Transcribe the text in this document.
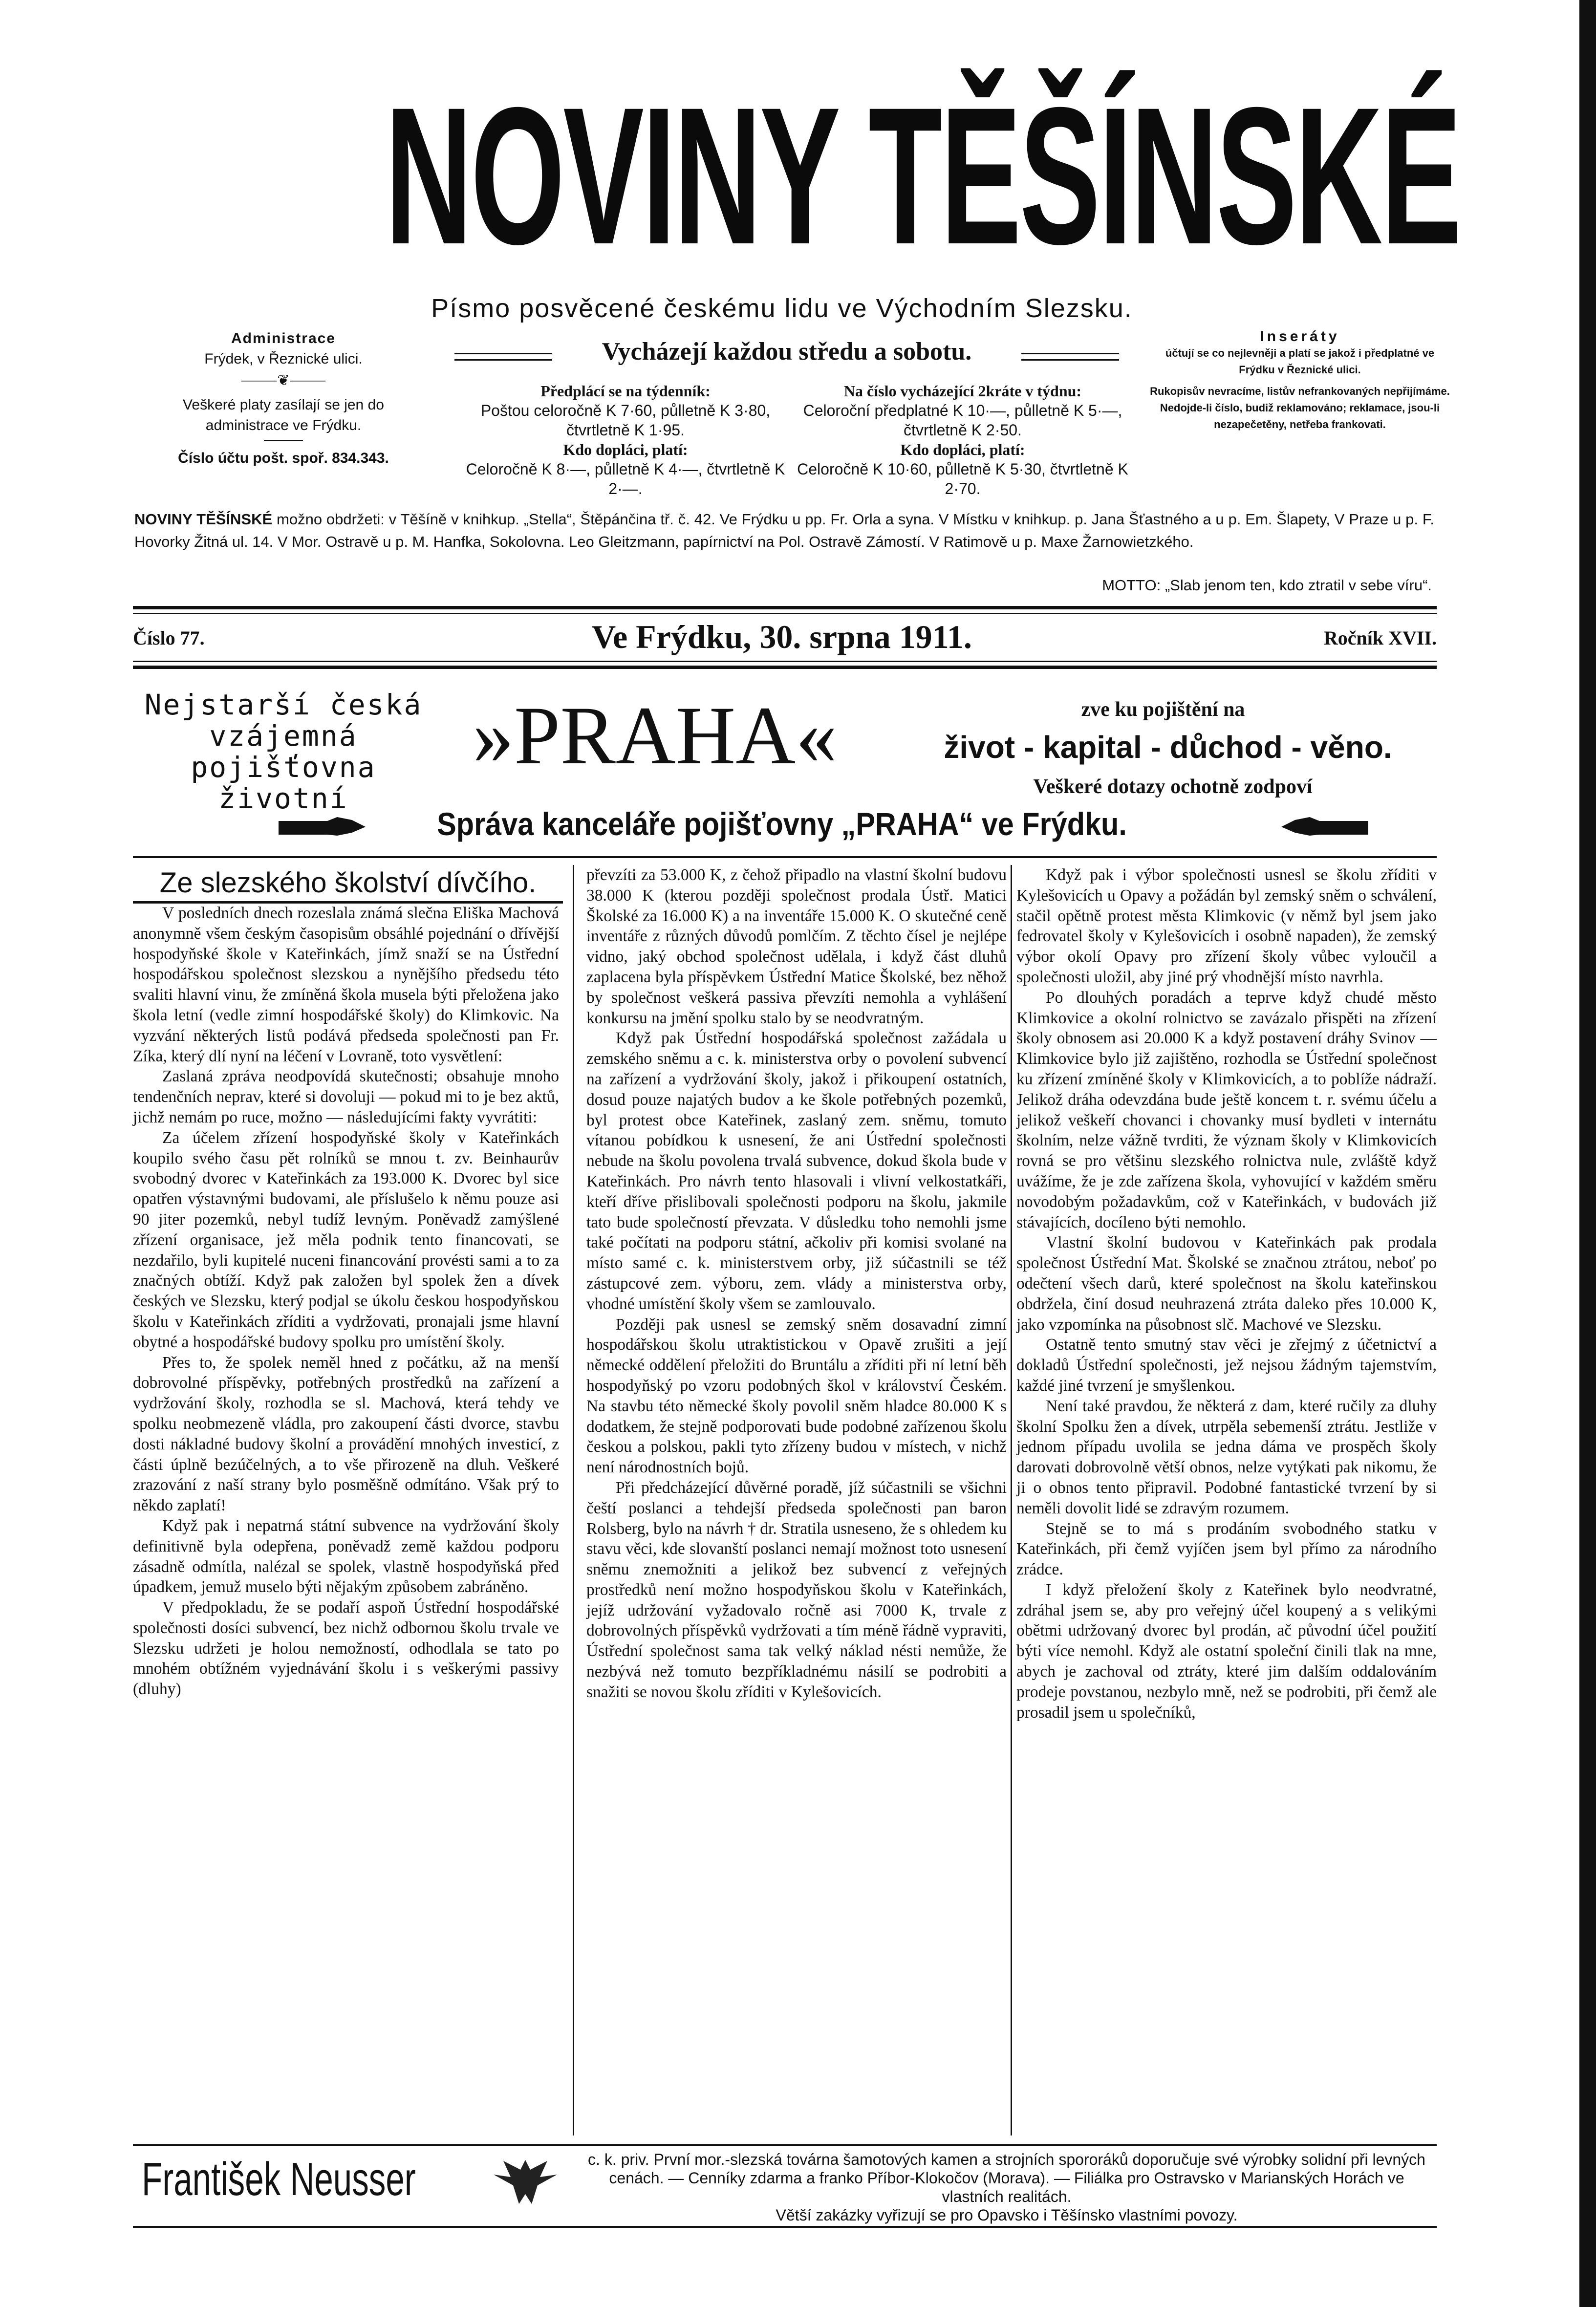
NOVINY TĚŠÍNSKÉ
Písmo posvěcené českému lidu ve Východním Slezsku.
Vycházejí každou středu a sobotu.
Administrace
Frýdek, v Řeznické ulici.
⸻❦⸻
Veškeré platy zasílají se jen do administrace ve Frýdku.
Číslo účtu pošt. spoř. 834.343.
Předplácí se na týdenník:
Poštou celoročně K 7·60, půlletně K 3·80, čtvrtletně K 1·95.
Kdo dopláci, platí:
Celoročně K 8·—, půlletně K 4·—, čtvrtletně K 2·—.
Na číslo vycházející 2kráte v týdnu:
Celoroční předplatné K 10·—, půlletně K 5·—, čtvrtletně K 2·50.
Kdo dopláci, platí:
Celoročně K 10·60, půlletně K 5·30, čtvrtletně K 2·70.
Inseráty
účtují se co nejlevněji a platí se jakož i předplatné ve Frýdku v Řeznické ulici.
Rukopisův nevracíme, listův nefrankovaných nepřijímáme. Nedojde-li číslo, budiž reklamováno; reklamace, jsou-li nezapečetěny, netřeba frankovati.
NOVINY TĚŠÍNSKÉ možno obdržeti: v Těšíně v knihkup. „Stella“, Štěpánčina tř. č. 42. Ve Frýdku u pp. Fr. Orla a syna. V Místku v knihkup. p. Jana Šťastného a u p. Em. Šlapety, V Praze u p. F. Hovorky Žitná ul. 14. V Mor. Ostravě u p. M. Hanfka, Sokolovna. Leo Gleitzmann, papírnictví na Pol. Ostravě Zámostí. V Ratimově u p. Maxe Žarnowietzkého.
MOTTO: „Slab jenom ten, kdo ztratil v sebe víru“.
Číslo 77.	Ve Frýdku, 30. srpna 1911.	Ročník XVII.
Nejstarší česká vzájemná pojišťovna životní
»PRAHA«	zve ku pojištění na
život - kapital - důchod - věno.
Veškeré dotazy ochotně zodpoví
Správa kanceláře pojišťovny „PRAHA“ ve Frýdku.
Ze slezského školství dívčího.

V posledních dnech rozeslala známá slečna Eliška Machová anonymně všem českým časopisům obsáhlé pojednání o dřívější hospodyňské škole v Kateřinkách, jímž snaží se na Ústřední hospodářskou společnost slezskou a nynějšího předsedu této svaliti hlavní vinu, že zmíněná škola musela býti přeložena jako škola letní (vedle zimní hospodářské školy) do Klimkovic. Na vyzvání některých listů podává předseda společnosti pan Fr. Zíka, který dlí nyní na léčení v Lovraně, toto vysvětlení:

Zaslaná zpráva neodpovídá skutečnosti; obsahuje mnoho tendenčních neprav, které si dovoluji — pokud mi to je bez aktů, jichž nemám po ruce, možno — následujícími fakty vyvrátiti:

Za účelem zřízení hospodyňské školy v Kateřinkách koupilo svého času pět rolníků se mnou t. zv. Beinhaurův svobodný dvorec v Kateřinkách za 193.000 K. Dvorec byl sice opatřen výstavnými budovami, ale příslušelo k němu pouze asi 90 jiter pozemků, nebyl tudíž levným. Poněvadž zamýšlené zřízení organisace, jež měla podnik tento financovati, se nezdařilo, byli kupitelé nuceni financování provésti sami a to za značných obtíží. Když pak založen byl spolek žen a dívek českých ve Slezsku, který podjal se úkolu českou hospodyňskou školu v Kateřinkách zříditi a vydržovati, pronajali jsme hlavní obytné a hospodářské budovy spolku pro umístění školy.

Přes to, že spolek neměl hned z počátku, až na menší dobrovolné příspěvky, potřebných prostředků na zařízení a vydržování školy, rozhodla se sl. Machová, která tehdy ve spolku neobmezeně vládla, pro zakoupení části dvorce, stavbu dosti nákladné budovy školní a provádění mnohých investicí, z části úplně bezúčelných, a to vše přirozeně na dluh. Veškeré zrazování z naší strany bylo posměšně odmítáno. Však prý to někdo zaplatí!

Když pak i nepatrná státní subvence na vydržování školy definitivně byla odepřena, poněvadž země každou podporu zásadně odmítla, nalézal se spolek, vlastně hospodyňská před úpadkem, jemuž muselo býti nějakým způsobem zabráněno.

V předpokladu, že se podaří aspoň Ústřední hospodářské společnosti dosíci subvencí, bez nichž odbornou školu trvale ve Slezsku udržeti je holou nemožností, odhodlala se tato po mnohém obtížném vyjednávání školu i s veškerými passivy (dluhy)

převzíti za 53.000 K, z čehož připadlo na vlastní školní budovu 38.000 K (kterou později společnost prodala Ústř. Matici Školské za 16.000 K) a na inventáře 15.000 K. O skutečné ceně inventáře z různých důvodů pomlčím. Z těchto čísel je nejlépe vidno, jaký obchod společnost udělala, i když část dluhů zaplacena byla příspěvkem Ústřední Matice Školské, bez něhož by společnost veškerá passiva převzíti nemohla a vyhlášení konkursu na jmění spolku stalo by se neodvratným.

Když pak Ústřední hospodářská společnost zažádala u zemského sněmu a c. k. ministerstva orby o povolení subvencí na zařízení a vydržování školy, jakož i přikoupení ostatních, dosud pouze najatých budov a ke škole potřebných pozemků, byl protest obce Kateřinek, zaslaný zem. sněmu, tomuto vítanou pobídkou k usnesení, že ani Ústřední společnosti nebude na školu povolena trvalá subvence, dokud škola bude v Kateřinkách. Pro návrh tento hlasovali i vlivní velkostatkáři, kteří dříve přislibovali společnosti podporu na školu, jakmile tato bude společností převzata. V důsledku toho nemohli jsme také počítati na podporu státní, ačkoliv při komisi svolané na místo samé c. k. ministerstvem orby, již súčastnili se též zástupcové zem. výboru, zem. vlády a ministerstva orby, vhodné umístění školy všem se zamlouvalo.

Později pak usnesl se zemský sněm dosavadní zimní hospodářskou školu utraktistickou v Opavě zrušiti a její německé oddělení přeložiti do Bruntálu a zříditi při ní letní běh hospodyňský po vzoru podobných škol v království Českém. Na stavbu této německé školy povolil sněm hladce 80.000 K s dodatkem, že stejně podporovati bude podobné zařízenou školu českou a polskou, pakli tyto zřízeny budou v místech, v nichž není národnostních bojů.

Při předcházející důvěrné poradě, jíž súčastnili se všichni čeští poslanci a tehdejší předseda společnosti pan baron Rolsberg, bylo na návrh † dr. Stratila usneseno, že s ohledem ku stavu věci, kde slovanští poslanci nemají možnost toto usnesení sněmu znemožniti a jelikož bez subvencí z veřejných prostředků není možno hospodyňskou školu v Kateřinkách, jejíž udržování vyžadovalo ročně asi 7000 K, trvale z dobrovolných příspěvků vydržovati a tím méně řádně vypraviti, Ústřední společnost sama tak velký náklad nésti nemůže, že nezbývá než tomuto bezpříkladnému násilí se podrobiti a snažiti se novou školu zříditi v Kylešovicích.

Když pak i výbor společnosti usnesl se školu zříditi v Kylešovicích u Opavy a požádán byl zemský sněm o schválení, stačil opětně protest města Klimkovic (v němž byl jsem jako fedrovatel školy v Kylešovicích i osobně napaden), že zemský výbor okolí Opavy pro zřízení školy vůbec vyloučil a společnosti uložil, aby jiné prý vhodnější místo navrhla.

Po dlouhých poradách a teprve když chudé město Klimkovice a okolní rolnictvo se zavázalo přispěti na zřízení školy obnosem asi 20.000 K a když postavení dráhy Svinov — Klimkovice bylo již zajištěno, rozhodla se Ústřední společnost ku zřízení zmíněné školy v Klimkovicích, a to poblíže nádraží. Jelikož dráha odevzdána bude ještě koncem t. r. svému účelu a jelikož veškeří chovanci i chovanky musí bydleti v internátu školním, nelze vážně tvrditi, že význam školy v Klimkovicích rovná se pro většinu slezského rolnictva nule, zvláště když uvážíme, že je zde zařízena škola, vyhovující v každém směru novodobým požadavkům, což v Kateřinkách, v budovách již stávajících, docíleno býti nemohlo.

Vlastní školní budovou v Kateřinkách pak prodala společnost Ústřední Mat. Školské se značnou ztrátou, neboť po odečtení všech darů, které společnost na školu kateřinskou obdržela, činí dosud neuhrazená ztráta daleko přes 10.000 K, jako vzpomínka na působnost slč. Machové ve Slezsku.

Ostatně tento smutný stav věci je zřejmý z účetnictví a dokladů Ústřední společnosti, jež nejsou žádným tajemstvím, každé jiné tvrzení je smyšlenkou.

Není také pravdou, že některá z dam, které ručily za dluhy školní Spolku žen a dívek, utrpěla sebemenší ztrátu. Jestliže v jednom případu uvolila se jedna dáma ve prospěch školy darovati dobrovolně větší obnos, nelze vytýkati pak nikomu, že ji o obnos tento připravil. Podobné fantastické tvrzení by si neměli dovolit lidé se zdravým rozumem.

Stejně se to má s prodáním svobodného statku v Kateřinkách, při čemž vyjíčen jsem byl přímo za národního zrádce.

I když přeložení školy z Kateřinek bylo neodvratné, zdráhal jsem se, aby pro veřejný účel koupený a s velikými obětmi udržovaný dvorec byl prodán, ač původní účel použití býti více nemohl. Když ale ostatní společní činili tlak na mne, abych je zachoval od ztráty, které jim dalším oddalováním prodeje povstanou, nezbylo mně, než se podrobiti, při čemž ale prosadil jsem u společníků,

František Neusser	c. k. priv. První mor.-slezská továrna šamotových kamen a strojních spororáků doporučuje své výrobky solidní při levných cenách. — Cenníky zdarma a franko Příbor-Klokočov (Morava). — Filiálka pro Ostravsko v Marianských Horách ve vlastních realitách.
Větší zakázky vyřizují se pro Opavsko i Těšínsko vlastními povozy.
